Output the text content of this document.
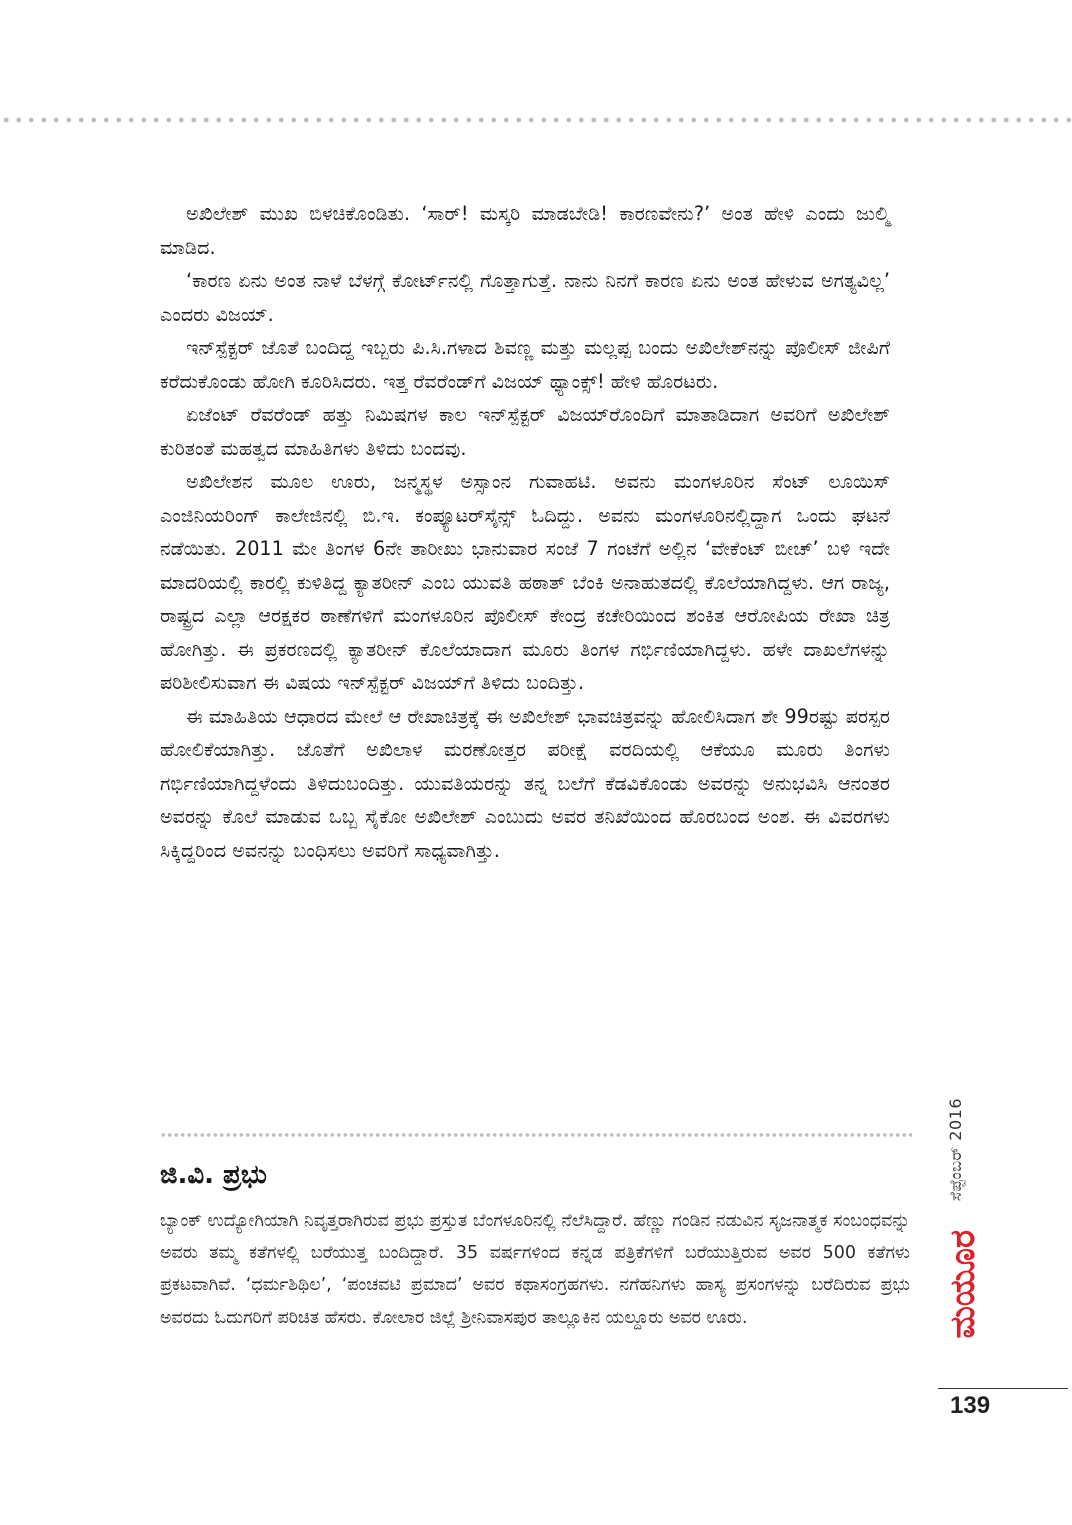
ಅಖಿಲೇಶ್ ಮುಖ ಬಿಳಚಿಕೊಂಡಿತು. ‘ಸಾರ್! ಮಸ್ಕರಿ ಮಾಡಬೇಡಿ! ಕಾರಣವೇನು?’ ಅಂತ ಹೇಳಿ ಎಂದು ಜುಲ್ಮಿ ಮಾಡಿದ.

‘ಕಾರಣ ಏನು ಅಂತ ನಾಳೆ ಬೆಳಗ್ಗೆ ಕೋರ್ಟ್‌ನಲ್ಲಿ ಗೊತ್ತಾಗುತ್ತೆ. ನಾನು ನಿನಗೆ ಕಾರಣ ಏನು ಅಂತ ಹೇಳುವ ಅಗತ್ಯವಿಲ್ಲ’ ಎಂದರು ವಿಜಯ್.

ಇನ್‌ಸ್ಪೆಕ್ಟರ್ ಜೊತೆ ಬಂದಿದ್ದ ಇಬ್ಬರು ಪಿ.ಸಿ.ಗಳಾದ ಶಿವಣ್ಣ ಮತ್ತು ಮಲ್ಲಪ್ಪ ಬಂದು ಅಖಿಲೇಶ್‌ನನ್ನು ಪೊಲೀಸ್ ಜೀಪಿಗೆ ಕರೆದುಕೊಂಡು ಹೋಗಿ ಕೂರಿಸಿದರು. ಇತ್ತ ರೆವರೆಂಡ್‌ಗೆ ವಿಜಯ್ ಥ್ಯಾಂಕ್ಸ್! ಹೇಳಿ ಹೊರಟರು.

ಏಜೆಂಟ್ ರೆವರೆಂಡ್ ಹತ್ತು ನಿಮಿಷಗಳ ಕಾಲ ಇನ್‌ಸ್ಪೆಕ್ಟರ್ ವಿಜಯ್‌ರೊಂದಿಗೆ ಮಾತಾಡಿದಾಗ ಅವರಿಗೆ ಅಖಿಲೇಶ್ ಕುರಿತಂತೆ ಮಹತ್ವದ ಮಾಹಿತಿಗಳು ತಿಳಿದು ಬಂದವು.

ಅಖಿಲೇಶನ ಮೂಲ ಊರು, ಜನ್ಮಸ್ಥಳ ಅಸ್ಸಾಂನ ಗುವಾಹಟಿ. ಅವನು ಮಂಗಳೂರಿನ ಸೆಂಟ್ ಲೂಯಿಸ್ ಎಂಜಿನಿಯರಿಂಗ್ ಕಾಲೇಜಿನಲ್ಲಿ ಬಿ.ಇ. ಕಂಪ್ಯೂಟರ್‌ಸೈನ್ಸ್ ಓದಿದ್ದು. ಅವನು ಮಂಗಳೂರಿನಲ್ಲಿದ್ದಾಗ ಒಂದು ಘಟನೆ ನಡೆಯಿತು. 2011 ಮೇ ತಿಂಗಳ 6ನೇ ತಾರೀಖು ಭಾನುವಾರ ಸಂಜೆ 7 ಗಂಟೆಗೆ ಅಲ್ಲಿನ ‘ವೇಕೆಂಟ್ ಬೀಚ್’ ಬಳಿ ಇದೇ ಮಾದರಿಯಲ್ಲಿ ಕಾರಲ್ಲಿ ಕುಳಿತಿದ್ದ ಕ್ಯಾತರೀನ್ ಎಂಬ ಯುವತಿ ಹಠಾತ್ ಬೆಂಕಿ ಅನಾಹುತದಲ್ಲಿ ಕೊಲೆಯಾಗಿದ್ದಳು. ಆಗ ರಾಜ್ಯ, ರಾಷ್ಟ್ರದ ಎಲ್ಲಾ ಆರಕ್ಷಕರ ಠಾಣೆಗಳಿಗೆ ಮಂಗಳೂರಿನ ಪೊಲೀಸ್ ಕೇಂದ್ರ ಕಚೇರಿಯಿಂದ ಶಂಕಿತ ಆರೋಪಿಯ ರೇಖಾ ಚಿತ್ರ ಹೋಗಿತ್ತು. ಈ ಪ್ರಕರಣದಲ್ಲಿ ಕ್ಯಾತರೀನ್ ಕೊಲೆಯಾದಾಗ ಮೂರು ತಿಂಗಳ ಗರ್ಭಿಣಿಯಾಗಿದ್ದಳು. ಹಳೇ ದಾಖಲೆಗಳನ್ನು ಪರಿಶೀಲಿಸುವಾಗ ಈ ವಿಷಯ ಇನ್‌ಸ್ಪೆಕ್ಟರ್ ವಿಜಯ್‌ಗೆ ತಿಳಿದು ಬಂದಿತ್ತು.

ಈ ಮಾಹಿತಿಯ ಆಧಾರದ ಮೇಲೆ ಆ ರೇಖಾಚಿತ್ರಕ್ಕೆ ಈ ಅಖಿಲೇಶ್ ಭಾವಚಿತ್ರವನ್ನು ಹೋಲಿಸಿದಾಗ ಶೇ 99ರಷ್ಟು ಪರಸ್ಪರ ಹೋಲಿಕೆಯಾಗಿತ್ತು. ಜೊತೆಗೆ ಅಖಿಲಾಳ ಮರಣೋತ್ತರ ಪರೀಕ್ಷೆ ವರದಿಯಲ್ಲಿ ಆಕೆಯೂ ಮೂರು ತಿಂಗಳು ಗರ್ಭಿಣಿಯಾಗಿದ್ದಳೆಂದು ತಿಳಿದುಬಂದಿತ್ತು. ಯುವತಿಯರನ್ನು ತನ್ನ ಬಲೆಗೆ ಕೆಡವಿಕೊಂಡು ಅವರನ್ನು ಅನುಭವಿಸಿ ಆನಂತರ ಅವರನ್ನು ಕೊಲೆ ಮಾಡುವ ಒಬ್ಬ ಸೈಕೋ ಅಖಿಲೇಶ್ ಎಂಬುದು ಅವರ ತನಿಖೆಯಿಂದ ಹೊರಬಂದ ಅಂಶ. ಈ ವಿವರಗಳು ಸಿಕ್ಕಿದ್ದರಿಂದ ಅವನನ್ನು ಬಂಧಿಸಲು ಅವರಿಗೆ ಸಾಧ್ಯವಾಗಿತ್ತು.

ಜಿ.ವಿ. ಪ್ರಭು

ಬ್ಯಾಂಕ್ ಉದ್ಯೋಗಿಯಾಗಿ ನಿವೃತ್ತರಾಗಿರುವ ಪ್ರಭು ಪ್ರಸ್ತುತ ಬೆಂಗಳೂರಿನಲ್ಲಿ ನೆಲೆಸಿದ್ದಾರೆ. ಹೆಣ್ಣು ಗಂಡಿನ ನಡುವಿನ ಸೃಜನಾತ್ಮಕ ಸಂಬಂಧವನ್ನು ಅವರು ತಮ್ಮ ಕತೆಗಳಲ್ಲಿ ಬರೆಯುತ್ತ ಬಂದಿದ್ದಾರೆ. 35 ವರ್ಷಗಳಿಂದ ಕನ್ನಡ ಪತ್ರಿಕೆಗಳಿಗೆ ಬರೆಯುತ್ತಿರುವ ಅವರ 500 ಕತೆಗಳು ಪ್ರಕಟವಾಗಿವೆ. ‘ಧರ್ಮಶಿಥಿಲ’, ‘ಪಂಚವಟಿ ಪ್ರಮಾದ’ ಅವರ ಕಥಾಸಂಗ್ರಹಗಳು. ನಗೆಹನಿಗಳು ಹಾಸ್ಯ ಪ್ರಸಂಗಳನ್ನು ಬರೆದಿರುವ ಪ್ರಭು ಅವರದು ಓದುಗರಿಗೆ ಪರಿಚಿತ ಹೆಸರು. ಕೋಲಾರ ಜಿಲ್ಲೆ ಶ್ರೀನಿವಾಸಪುರ ತಾಲ್ಲೂಕಿನ ಯಲ್ದೂರು ಅವರ ಊರು.

ಸೆಪ್ಟೆಂಬರ್ 2016
ಮಯೂರ
139
